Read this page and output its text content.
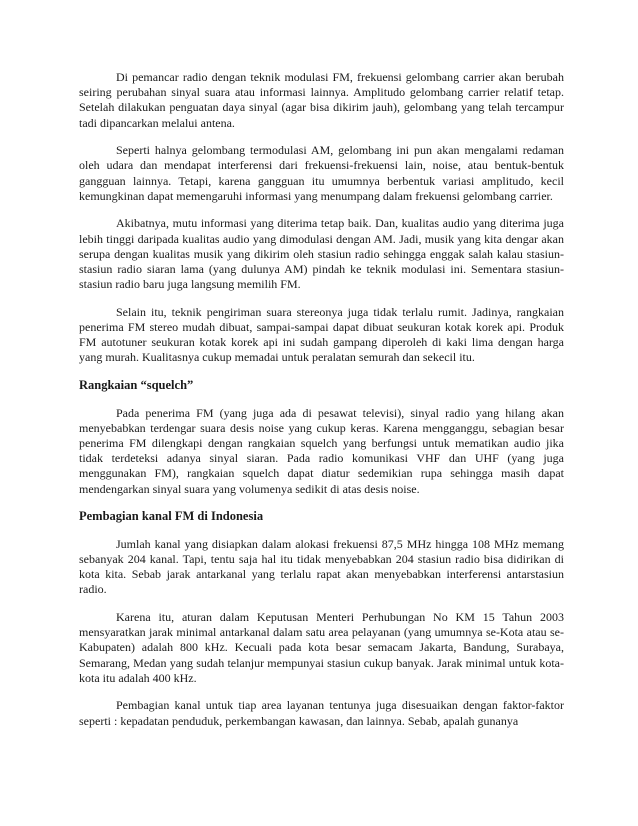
Di pemancar radio dengan teknik modulasi FM, frekuensi gelombang carrier akan berubah seiring perubahan sinyal suara atau informasi lainnya. Amplitudo gelombang carrier relatif tetap. Setelah dilakukan penguatan daya sinyal (agar bisa dikirim jauh), gelombang yang telah tercampur tadi dipancarkan melalui antena.

Seperti halnya gelombang termodulasi AM, gelombang ini pun akan mengalami redaman oleh udara dan mendapat interferensi dari frekuensi-frekuensi lain, noise, atau bentuk-bentuk gangguan lainnya. Tetapi, karena gangguan itu umumnya berbentuk variasi amplitudo, kecil kemungkinan dapat memengaruhi informasi yang menumpang dalam frekuensi gelombang carrier.

Akibatnya, mutu informasi yang diterima tetap baik. Dan, kualitas audio yang diterima juga lebih tinggi daripada kualitas audio yang dimodulasi dengan AM. Jadi, musik yang kita dengar akan serupa dengan kualitas musik yang dikirim oleh stasiun radio sehingga enggak salah kalau stasiun-stasiun radio siaran lama (yang dulunya AM) pindah ke teknik modulasi ini. Sementara stasiun-stasiun radio baru juga langsung memilih FM.

Selain itu, teknik pengiriman suara stereonya juga tidak terlalu rumit. Jadinya, rangkaian penerima FM stereo mudah dibuat, sampai-sampai dapat dibuat seukuran kotak korek api. Produk FM autotuner seukuran kotak korek api ini sudah gampang diperoleh di kaki lima dengan harga yang murah. Kualitasnya cukup memadai untuk peralatan semurah dan sekecil itu.

Rangkaian “squelch”

Pada penerima FM (yang juga ada di pesawat televisi), sinyal radio yang hilang akan menyebabkan terdengar suara desis noise yang cukup keras. Karena mengganggu, sebagian besar penerima FM dilengkapi dengan rangkaian squelch yang berfungsi untuk mematikan audio jika tidak terdeteksi adanya sinyal siaran. Pada radio komunikasi VHF dan UHF (yang juga menggunakan FM), rangkaian squelch dapat diatur sedemikian rupa sehingga masih dapat mendengarkan sinyal suara yang volumenya sedikit di atas desis noise.

Pembagian kanal FM di Indonesia

Jumlah kanal yang disiapkan dalam alokasi frekuensi 87,5 MHz hingga 108 MHz memang sebanyak 204 kanal. Tapi, tentu saja hal itu tidak menyebabkan 204 stasiun radio bisa didirikan di kota kita. Sebab jarak antarkanal yang terlalu rapat akan menyebabkan interferensi antarstasiun radio.

Karena itu, aturan dalam Keputusan Menteri Perhubungan No KM 15 Tahun 2003 mensyaratkan jarak minimal antarkanal dalam satu area pelayanan (yang umumnya se-Kota atau se-Kabupaten) adalah 800 kHz. Kecuali pada kota besar semacam Jakarta, Bandung, Surabaya, Semarang, Medan yang sudah telanjur mempunyai stasiun cukup banyak. Jarak minimal untuk kota-kota itu adalah 400 kHz.

Pembagian kanal untuk tiap area layanan tentunya juga disesuaikan dengan faktor-faktor seperti : kepadatan penduduk, perkembangan kawasan, dan lainnya. Sebab, apalah gunanya
